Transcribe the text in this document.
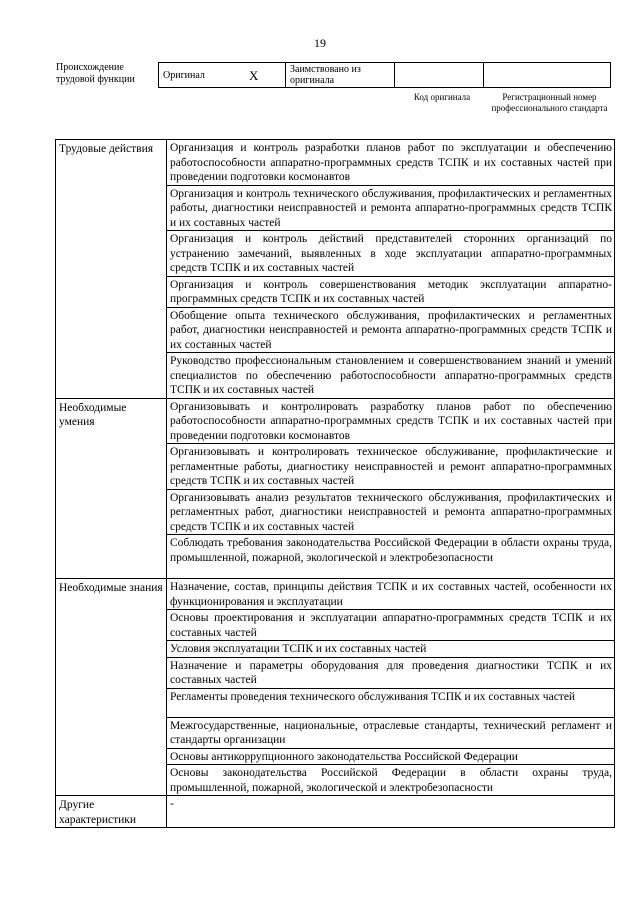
19
Происхождение трудовой функции	Оригинал	X	Заимствовано из оригинала		
Код оригинала	Регистрационный номер профессионального стандарта
Трудовые действия	Организация и контроль разработки планов работ по эксплуатации и обеспечению работоспособности аппаратно-программных средств ТСПК и их составных частей при проведении подготовки космонавтов
	Организация и контроль технического обслуживания, профилактических и регламентных работы, диагностики неисправностей и ремонта аппаратно-программных средств ТСПК и их составных частей
	Организация и контроль действий представителей сторонних организаций по устранению замечаний, выявленных в ходе эксплуатации аппаратно-программных средств ТСПК и их составных частей
	Организация и контроль совершенствования методик эксплуатации аппаратно-программных средств ТСПК и их составных частей
	Обобщение опыта технического обслуживания, профилактических и регламентных работ, диагностики неисправностей и ремонта аппаратно-программных средств ТСПК и их составных частей
	Руководство профессиональным становлением и совершенствованием знаний и умений специалистов по обеспечению работоспособности аппаратно-программных средств ТСПК и их составных частей
Необходимые умения	Организовывать и контролировать разработку планов работ по обеспечению работоспособности аппаратно-программных средств ТСПК и их составных частей при проведении подготовки космонавтов
	Организовывать и контролировать техническое обслуживание, профилактические и регламентные работы, диагностику неисправностей и ремонт аппаратно-программных средств ТСПК и их составных частей
	Организовывать анализ результатов технического обслуживания, профилактических и регламентных работ, диагностики неисправностей и ремонта аппаратно-программных средств ТСПК и их составных частей
	Соблюдать требования законодательства Российской Федерации в области охраны труда, промышленной, пожарной, экологической и электробезопасности
Необходимые знания	Назначение, состав, принципы действия ТСПК и их составных частей, особенности их функционирования и эксплуатации
	Основы проектирования и эксплуатации аппаратно-программных средств ТСПК и их составных частей
	Условия эксплуатации ТСПК и их составных частей
	Назначение и параметры оборудования для проведения диагностики ТСПК и их составных частей
	Регламенты проведения технического обслуживания ТСПК и их составных частей
	Межгосударственные, национальные, отраслевые стандарты, технический регламент и стандарты организации
	Основы антикоррупционного законодательства Российской Федерации
	Основы законодательства Российской Федерации в области охраны труда, промышленной, пожарной, экологической и электробезопасности
Другие характеристики	-
